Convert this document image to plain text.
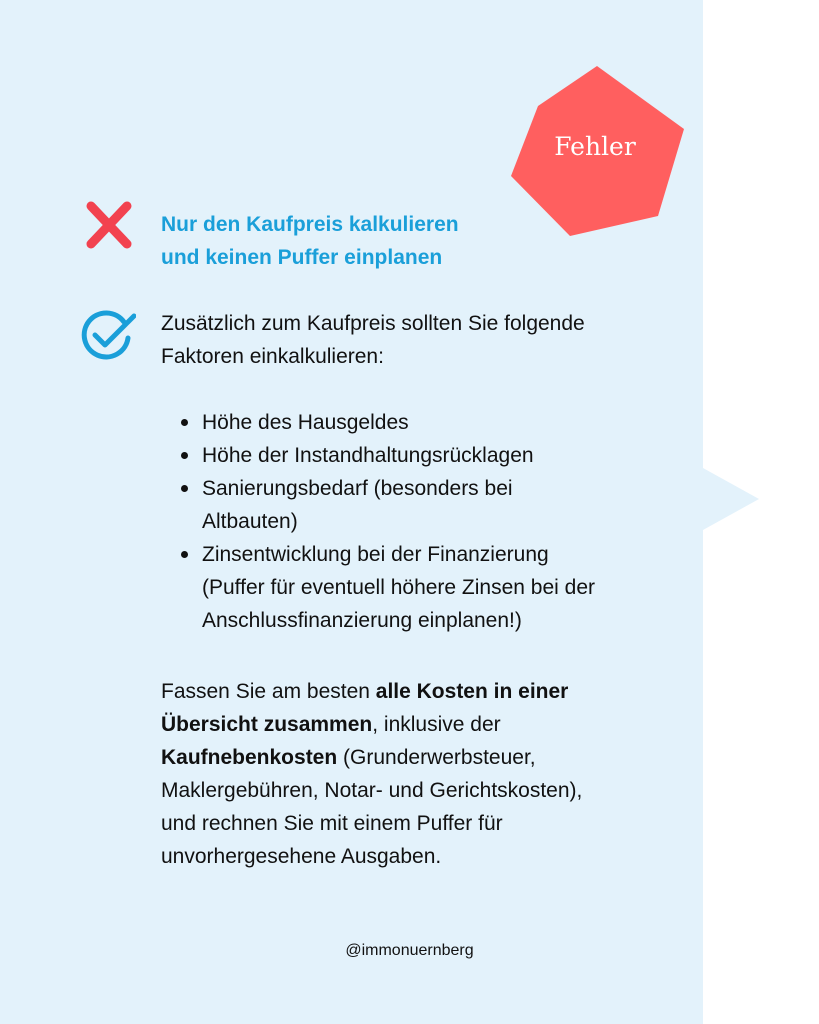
Fehler
Nur den Kaufpreis kalkulieren
und keinen Puffer einplanen
Zusätzlich zum Kaufpreis sollten Sie folgende
Faktoren einkalkulieren:
Höhe des Hausgeldes
Höhe der Instandhaltungsrücklagen
Sanierungsbedarf (besonders bei
Altbauten)
Zinsentwicklung bei der Finanzierung
(Puffer für eventuell höhere Zinsen bei der
Anschlussfinanzierung einplanen!)
Fassen Sie am besten alle Kosten in einer
Übersicht zusammen, inklusive der
Kaufnebenkosten (Grunderwerbsteuer,
Maklergebühren, Notar- und Gerichtskosten),
und rechnen Sie mit einem Puffer für
unvorhergesehene Ausgaben.
@immonuernberg
